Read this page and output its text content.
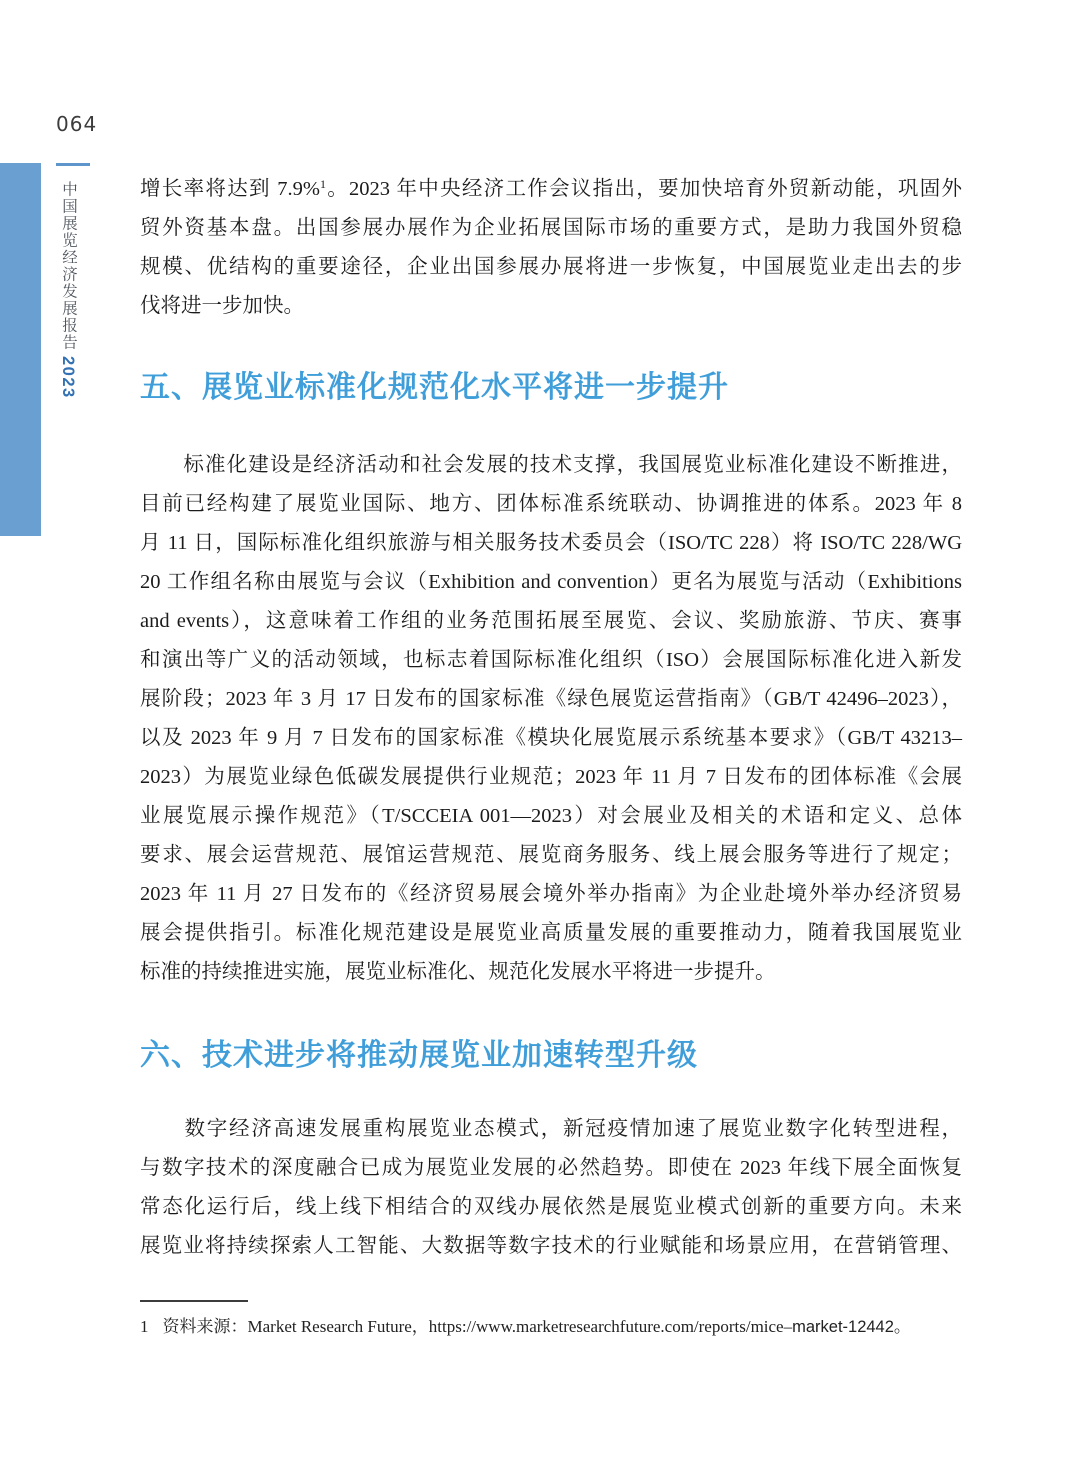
064
中国展览经济发展报告2023
增长率将达到 7.9%$^1$。2023 年中央经济工作会议指出，要加快培育外贸新动能，巩固外
贸外资基本盘。出国参展办展作为企业拓展国际市场的重要方式，是助力我国外贸稳
规模、优结构的重要途径，企业出国参展办展将进一步恢复，中国展览业走出去的步
伐将进一步加快。
五、展览业标准化规范化水平将进一步提升
　　标准化建设是经济活动和社会发展的技术支撑，我国展览业标准化建设不断推进，
目前已经构建了展览业国际、地方、团体标准系统联动、协调推进的体系。2023 年 8
月 11 日，国际标准化组织旅游与相关服务技术委员会（ISO/TC 228）将 ISO/TC 228/WG
20 工作组名称由展览与会议（Exhibition and convention）更名为展览与活动（Exhibitions
and events），这意味着工作组的业务范围拓展至展览、会议、奖励旅游、节庆、赛事
和演出等广义的活动领域，也标志着国际标准化组织（ISO）会展国际标准化进入新发
展阶段；2023 年 3 月 17 日发布的国家标准《绿色展览运营指南》（GB/T 42496–2023），
以及 2023 年 9 月 7 日发布的国家标准《模块化展览展示系统基本要求》（GB/T 43213–
2023）为展览业绿色低碳发展提供行业规范；2023 年 11 月 7 日发布的团体标准《会展
业展览展示操作规范》（T/SCCEIA 001—2023）对会展业及相关的术语和定义、总体
要求、展会运营规范、展馆运营规范、展览商务服务、线上展会服务等进行了规定；
2023 年 11 月 27 日发布的《经济贸易展会境外举办指南》为企业赴境外举办经济贸易
展会提供指引。标准化规范建设是展览业高质量发展的重要推动力，随着我国展览业
标准的持续推进实施，展览业标准化、规范化发展水平将进一步提升。
六、技术进步将推动展览业加速转型升级
　　数字经济高速发展重构展览业态模式，新冠疫情加速了展览业数字化转型进程，
与数字技术的深度融合已成为展览业发展的必然趋势。即使在 2023 年线下展全面恢复
常态化运行后，线上线下相结合的双线办展依然是展览业模式创新的重要方向。未来
展览业将持续探索人工智能、大数据等数字技术的行业赋能和场景应用，在营销管理、
1 资料来源：Market Research Future，https://www.marketresearchfuture.com/reports/mice–market-12442。
